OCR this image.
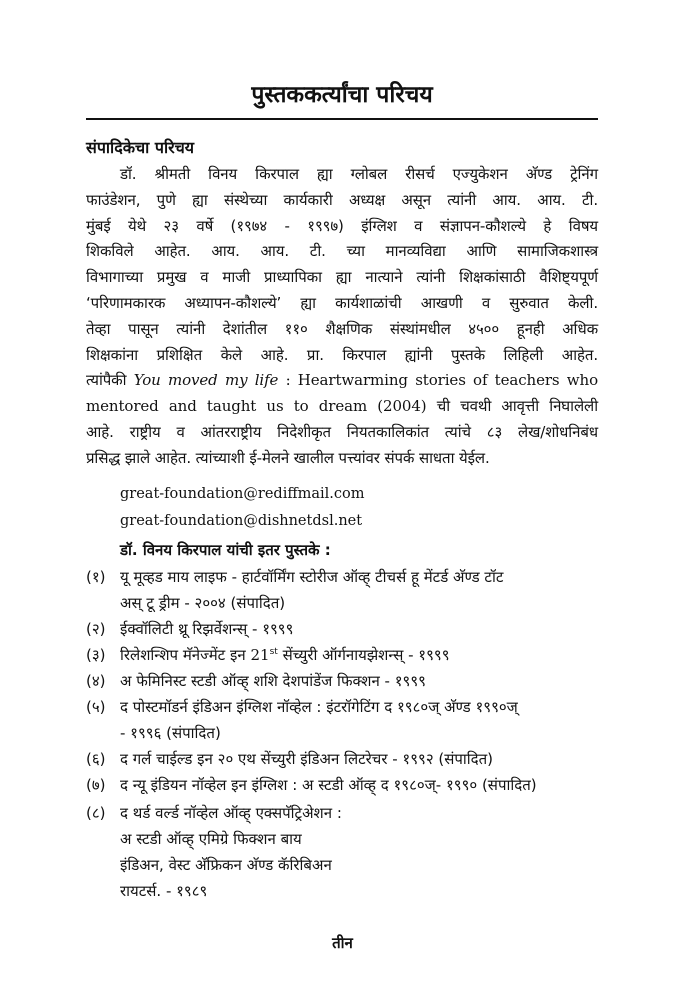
पुस्तककर्त्यांचा परिचय
संपादिकेचा परिचय
डॉ. श्रीमती विनय किरपाल ह्या ग्लोबल रीसर्च एज्युकेशन अ‍ॅण्ड ट्रेनिंग
फाउंडेशन, पुणे ह्या संस्थेच्या कार्यकारी अध्यक्ष असून त्यांनी आय. आय. टी.
मुंबई येथे २३ वर्षे (१९७४ - १९९७) इंग्लिश व संज्ञापन-कौशल्ये हे विषय
शिकविले आहेत. आय. आय. टी. च्या मानव्यविद्या आणि सामाजिकशास्त्र
विभागाच्या प्रमुख व माजी प्राध्यापिका ह्या नात्याने त्यांनी शिक्षकांसाठी वैशिष्ट्यपूर्ण
‘परिणामकारक अध्यापन-कौशल्ये’ ह्या कार्यशाळांची आखणी व सुरुवात केली.
तेव्हा पासून त्यांनी देशांतील ११० शैक्षणिक संस्थांमधील ४५०० हूनही अधिक
शिक्षकांना प्रशिक्षित केले आहे. प्रा. किरपाल ह्यांनी पुस्तके लिहिली आहेत.
त्यांपैकी You moved my life : Heartwarming stories of teachers who
mentored and taught us to dream (2004) ची चवथी आवृत्ती निघालेली
आहे. राष्ट्रीय व आंतरराष्ट्रीय निदेशीकृत नियतकालिकांत त्यांचे ८३ लेख/शोधनिबंध
प्रसिद्ध झाले आहेत. त्यांच्याशी ई-मेलने खालील पत्त्यांवर संपर्क साधता येईल.
great-foundation@rediffmail.com
great-foundation@dishnetdsl.net
डॉ. विनय किरपाल यांची इतर पुस्तके :
(१) यू मूव्हड माय लाइफ - हार्टवॉर्मिंग स्टोरीज ऑव्ह् टीचर्स हू मेंटर्ड अ‍ॅण्ड टॉट
अस् टू ड्रीम - २००४ (संपादित)
(२) ईक्वॉलिटी थ्रू रिझर्वेशन्स् - १९९९
(३) रिलेशन्शिप मॅनेज्मेंट इन 21st सेंच्युरी ऑर्गनायझेशन्स् - १९९९
(४) अ फेमिनिस्ट स्टडी ऑव्ह् शशि देशपांडेंज फिक्शन - १९९९
(५) द पोस्टमॉडर्न इंडिअन इंग्लिश नॉव्हेल : इंटरॉगेटिंग द १९८०ज् अ‍ॅण्ड १९९०ज्
- १९९६ (संपादित)
(६) द गर्ल चाईल्ड इन २० एथ सेंच्युरी इंडिअन लिटरेचर - १९९२ (संपादित)
(७) द न्यू इंडियन नॉव्हेल इन इंग्लिश : अ स्टडी ऑव्ह् द १९८०ज्- १९९० (संपादित)
(८) द थर्ड वर्ल्ड नॉव्हेल ऑव्ह् एक्सपॅट्रिअेशन :
अ स्टडी ऑव्ह् एमिग्रे फिक्शन बाय
इंडिअन, वेस्ट अ‍ॅफ्रिकन अ‍ॅण्ड कॅरिबिअन
रायटर्स. - १९८९
तीन
